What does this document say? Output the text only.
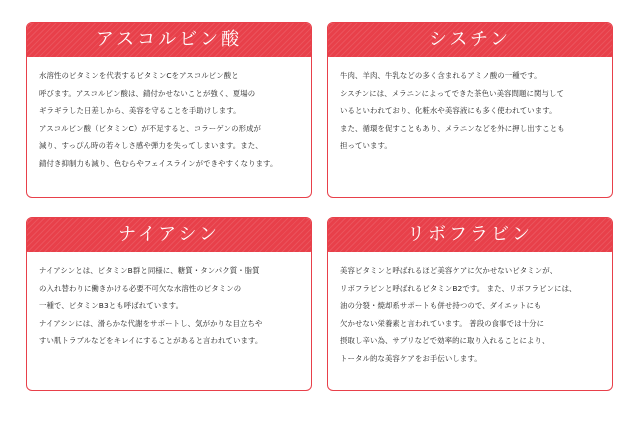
アスコルビン酸

水溶性のビタミンを代表するビタミンCをアスコルビン酸と

呼びます。アスコルビン酸は、錆付かせないことが強く、夏場の

ギラギラした日差しから、美容を守ることを手助けします。

アスコルビン酸（ビタミンC）が不足すると、コラーゲンの形成が

減り、すっぴん時の若々しさ感や弾力を失ってしまいます。また、

錆付き抑制力も減り、色むらやフェイスラインができやすくなります。

シスチン

牛肉、羊肉、牛乳などの多く含まれるアミノ酸の一種です。

シスチンには、メラニンによってできた茶色い美容問題に関与して

いるといわれており、化粧水や美容液にも多く使われています。

また、循環を促すこともあり、メラニンなどを外に押し出すことも

担っています。

ナイアシン

ナイアシンとは、ビタミンB群と同様に、糖質・タンパク質・脂質

の入れ替わりに働きかける必要不可欠な水溶性のビタミンの

一種で、ビタミンB3とも呼ばれています。

ナイアシンには、滑らかな代謝をサポートし、気がかりな目立ちや

すい肌トラブルなどをキレイにすることがあると言われています。

リボフラビン

美容ビタミンと呼ばれるほど美容ケアに欠かせないビタミンが、

リボフラビンと呼ばれるビタミンB2です。 また、リボフラビンには、

油の分裂・焼却系サポートも併せ持つので、ダイエットにも

欠かせない栄養素と言われています。 普段の食事では十分に

摂取し辛い為、サプリなどで効率的に取り入れることにより、

トータル的な美容ケアをお手伝いします。
